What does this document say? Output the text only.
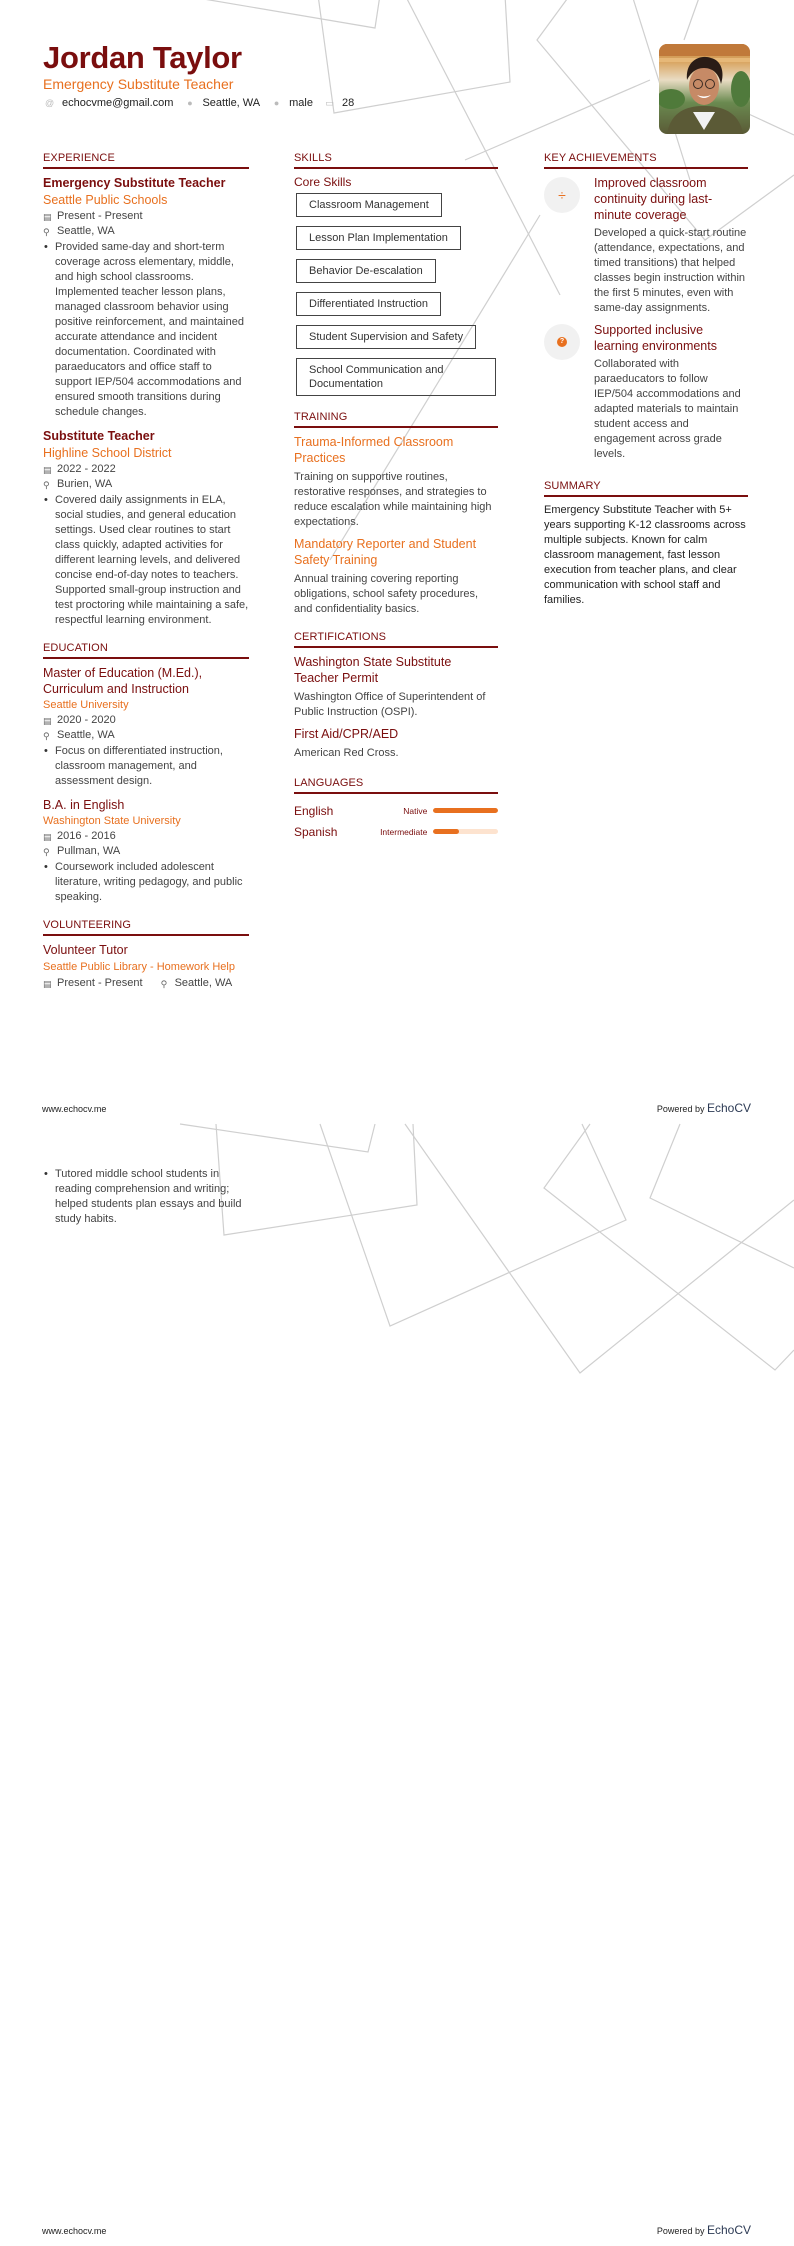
Jordan Taylor
Emergency Substitute Teacher
@ echocvme@gmail.com ● Seattle, WA ● male ▭ 28
EXPERIENCE
Emergency Substitute Teacher
Seattle Public Schools
▤ Present - Present
⚲ Seattle, WA
• Provided same-day and short-term coverage across elementary, middle, and high school classrooms. Implemented teacher lesson plans, managed classroom behavior using positive reinforcement, and maintained accurate attendance and incident documentation. Coordinated with paraeducators and office staff to support IEP/504 accommodations and ensured smooth transitions during schedule changes.
Substitute Teacher
Highline School District
▤ 2022 - 2022
⚲ Burien, WA
• Covered daily assignments in ELA, social studies, and general education settings. Used clear routines to start class quickly, adapted activities for different learning levels, and delivered concise end-of-day notes to teachers. Supported small-group instruction and test proctoring while maintaining a safe, respectful learning environment.
EDUCATION
Master of Education (M.Ed.), Curriculum and Instruction
Seattle University
▤ 2020 - 2020
⚲ Seattle, WA
• Focus on differentiated instruction, classroom management, and assessment design.
B.A. in English
Washington State University
▤ 2016 - 2016
⚲ Pullman, WA
• Coursework included adolescent literature, writing pedagogy, and public speaking.
VOLUNTEERING
Volunteer Tutor
Seattle Public Library - Homework Help
▤ Present - Present ⚲ Seattle, WA
SKILLS
Core Skills
Classroom Management
Lesson Plan Implementation
Behavior De-escalation
Differentiated Instruction
Student Supervision and Safety
School Communication and Documentation
TRAINING
Trauma-Informed Classroom Practices
Training on supportive routines, restorative responses, and strategies to reduce escalation while maintaining high expectations.
Mandatory Reporter and Student Safety Training
Annual training covering reporting obligations, school safety procedures, and confidentiality basics.
CERTIFICATIONS
Washington State Substitute Teacher Permit
Washington Office of Superintendent of Public Instruction (OSPI).
First Aid/CPR/AED
American Red Cross.
LANGUAGES
English	Native
Spanish	Intermediate
KEY ACHIEVEMENTS
÷
Improved classroom continuity during last-minute coverage
Developed a quick-start routine (attendance, expectations, and timed transitions) that helped classes begin instruction within the first 5 minutes, even with same-day assignments.
?
Supported inclusive learning environments
Collaborated with paraeducators to follow IEP/504 accommodations and adapted materials to maintain student access and engagement across grade levels.
SUMMARY
Emergency Substitute Teacher with 5+ years supporting K-12 classrooms across multiple subjects. Known for calm classroom management, fast lesson execution from teacher plans, and clear communication with school staff and families.
www.echocv.me	Powered by EchoCV
• Tutored middle school students in reading comprehension and writing; helped students plan essays and build study habits.
www.echocv.me	Powered by EchoCV
